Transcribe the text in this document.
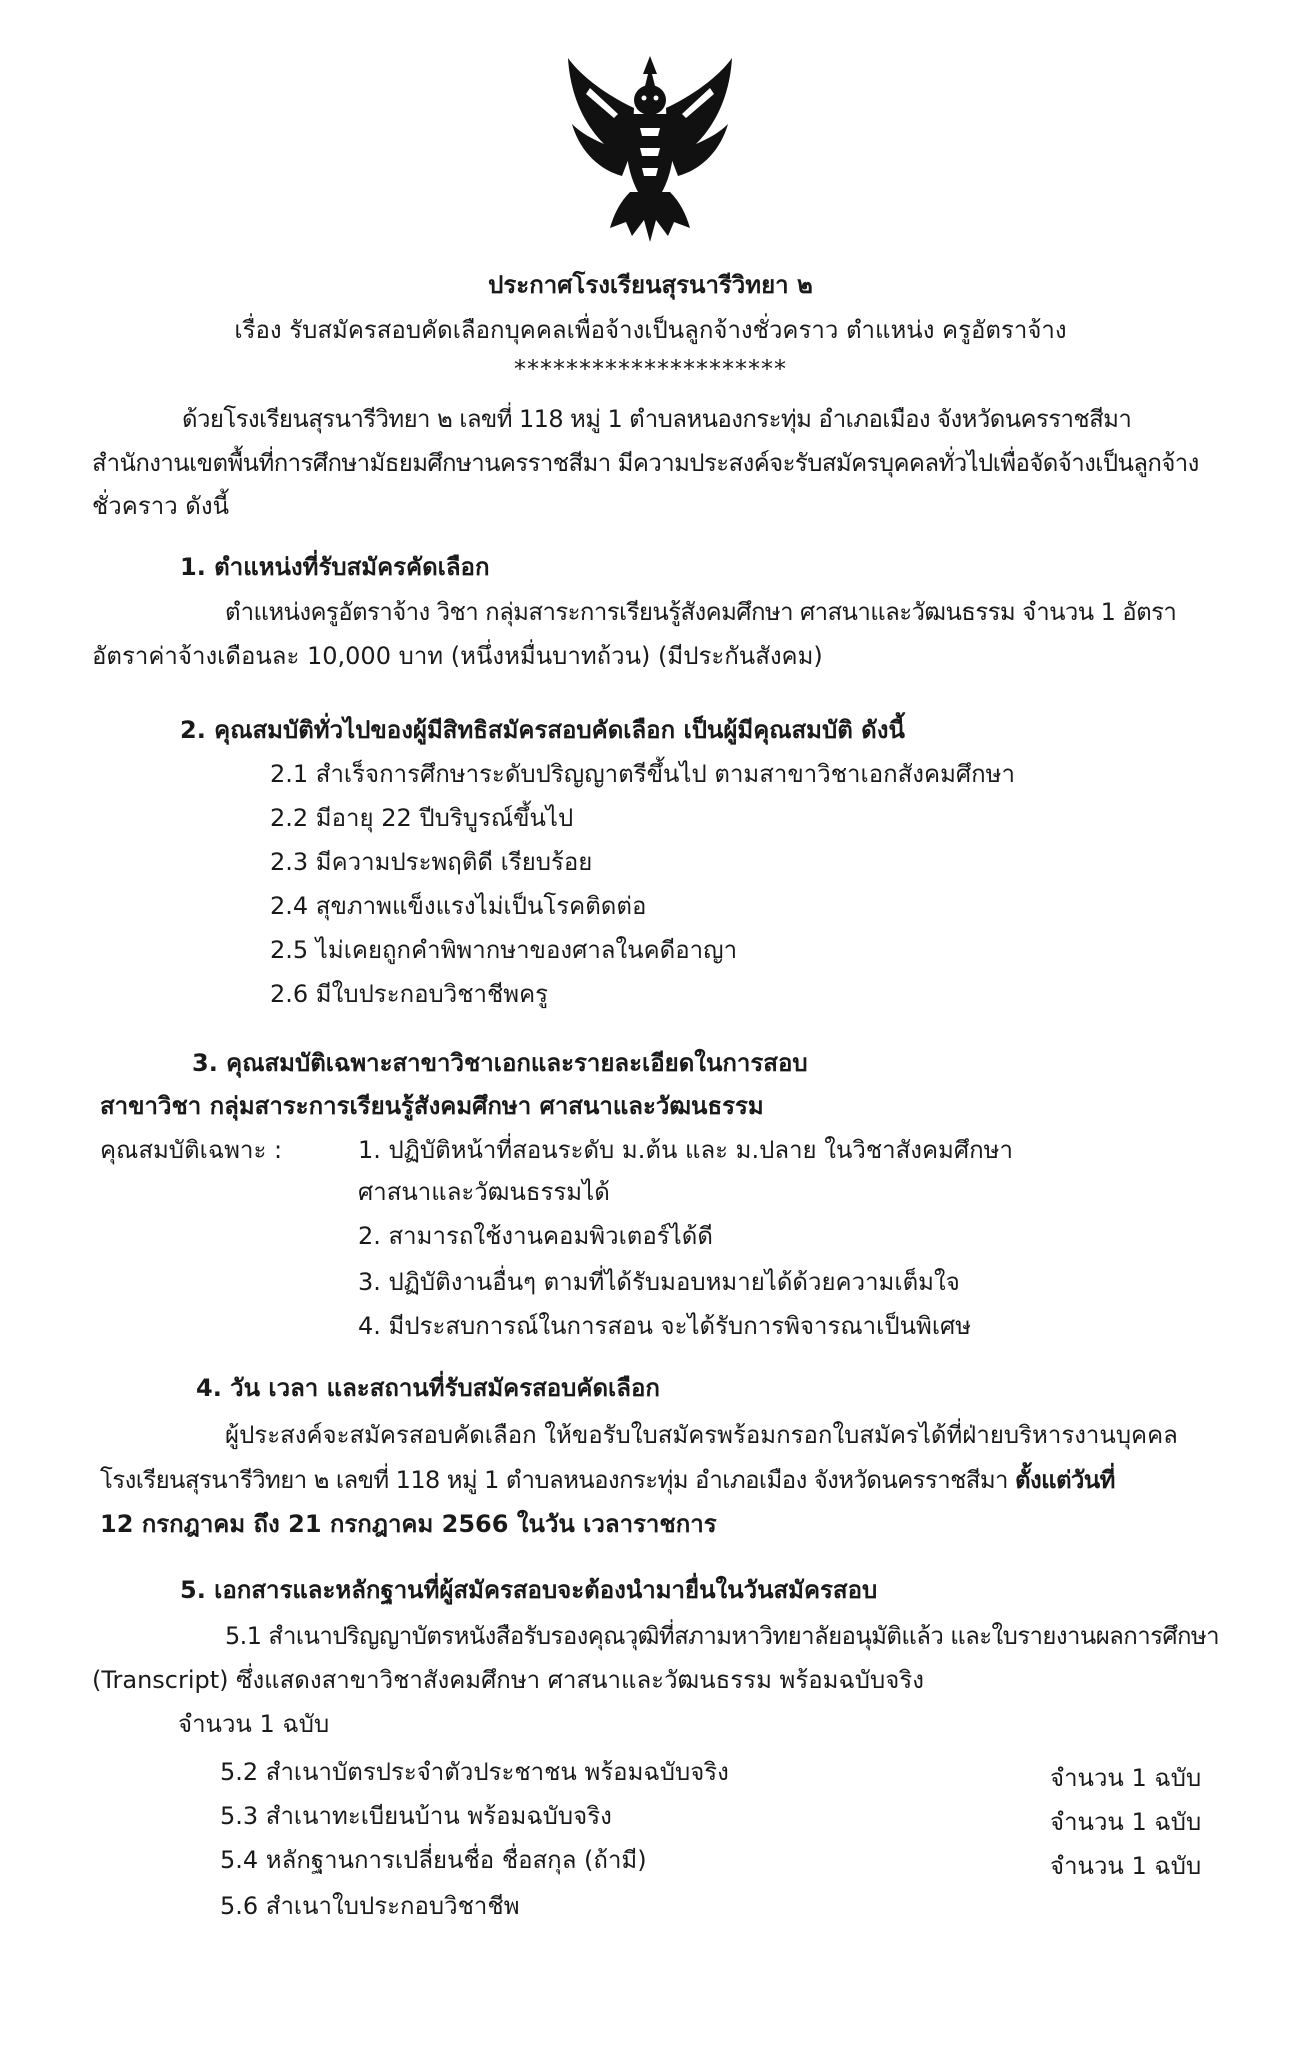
ประกาศโรงเรียนสุรนารีวิทยา ๒
เรื่อง รับสมัครสอบคัดเลือกบุคคลเพื่อจ้างเป็นลูกจ้างชั่วคราว ตำแหน่ง ครูอัตราจ้าง
*********************
ด้วยโรงเรียนสุรนารีวิทยา ๒ เลขที่ 118 หมู่ 1 ตำบลหนองกระทุ่ม อำเภอเมือง จังหวัดนครราชสีมา
สำนักงานเขตพื้นที่การศึกษามัธยมศึกษานครราชสีมา มีความประสงค์จะรับสมัครบุคคลทั่วไปเพื่อจัดจ้างเป็นลูกจ้าง
ชั่วคราว ดังนี้
1. ตำแหน่งที่รับสมัครคัดเลือก
ตำแหน่งครูอัตราจ้าง วิชา กลุ่มสาระการเรียนรู้สังคมศึกษา ศาสนาและวัฒนธรรม จำนวน 1 อัตรา
อัตราค่าจ้างเดือนละ 10,000 บาท (หนึ่งหมื่นบาทถ้วน) (มีประกันสังคม)
2. คุณสมบัติทั่วไปของผู้มีสิทธิสมัครสอบคัดเลือก เป็นผู้มีคุณสมบัติ ดังนี้
2.1 สำเร็จการศึกษาระดับปริญญาตรีขึ้นไป ตามสาขาวิชาเอกสังคมศึกษา
2.2 มีอายุ 22 ปีบริบูรณ์ขึ้นไป
2.3 มีความประพฤติดี เรียบร้อย
2.4 สุขภาพแข็งแรงไม่เป็นโรคติดต่อ
2.5 ไม่เคยถูกคำพิพากษาของศาลในคดีอาญา
2.6 มีใบประกอบวิชาชีพครู
3. คุณสมบัติเฉพาะสาขาวิชาเอกและรายละเอียดในการสอบ
สาขาวิชา กลุ่มสาระการเรียนรู้สังคมศึกษา ศาสนาและวัฒนธรรม
คุณสมบัติเฉพาะ :	1. ปฏิบัติหน้าที่สอนระดับ ม.ต้น และ ม.ปลาย ในวิชาสังคมศึกษา
ศาสนาและวัฒนธรรมได้
2. สามารถใช้งานคอมพิวเตอร์ได้ดี
3. ปฏิบัติงานอื่นๆ ตามที่ได้รับมอบหมายได้ด้วยความเต็มใจ
4. มีประสบการณ์ในการสอน จะได้รับการพิจารณาเป็นพิเศษ
4. วัน เวลา และสถานที่รับสมัครสอบคัดเลือก
ผู้ประสงค์จะสมัครสอบคัดเลือก ให้ขอรับใบสมัครพร้อมกรอกใบสมัครได้ที่ฝ่ายบริหารงานบุคคล
โรงเรียนสุรนารีวิทยา ๒ เลขที่ 118 หมู่ 1 ตำบลหนองกระทุ่ม อำเภอเมือง จังหวัดนครราชสีมา ตั้งแต่วันที่
12 กรกฎาคม ถึง 21 กรกฎาคม 2566 ในวัน เวลาราชการ
5. เอกสารและหลักฐานที่ผู้สมัครสอบจะต้องนำมายื่นในวันสมัครสอบ
5.1 สำเนาปริญญาบัตรหนังสือรับรองคุณวุฒิที่สภามหาวิทยาลัยอนุมัติแล้ว และใบรายงานผลการศึกษา
(Transcript) ซึ่งแสดงสาขาวิชาสังคมศึกษา ศาสนาและวัฒนธรรม พร้อมฉบับจริง
จำนวน 1 ฉบับ
5.2 สำเนาบัตรประจำตัวประชาชน พร้อมฉบับจริง	จำนวน 1 ฉบับ
5.3 สำเนาทะเบียนบ้าน พร้อมฉบับจริง	จำนวน 1 ฉบับ
5.4 หลักฐานการเปลี่ยนชื่อ ชื่อสกุล (ถ้ามี)	จำนวน 1 ฉบับ
5.6 สำเนาใบประกอบวิชาชีพ
